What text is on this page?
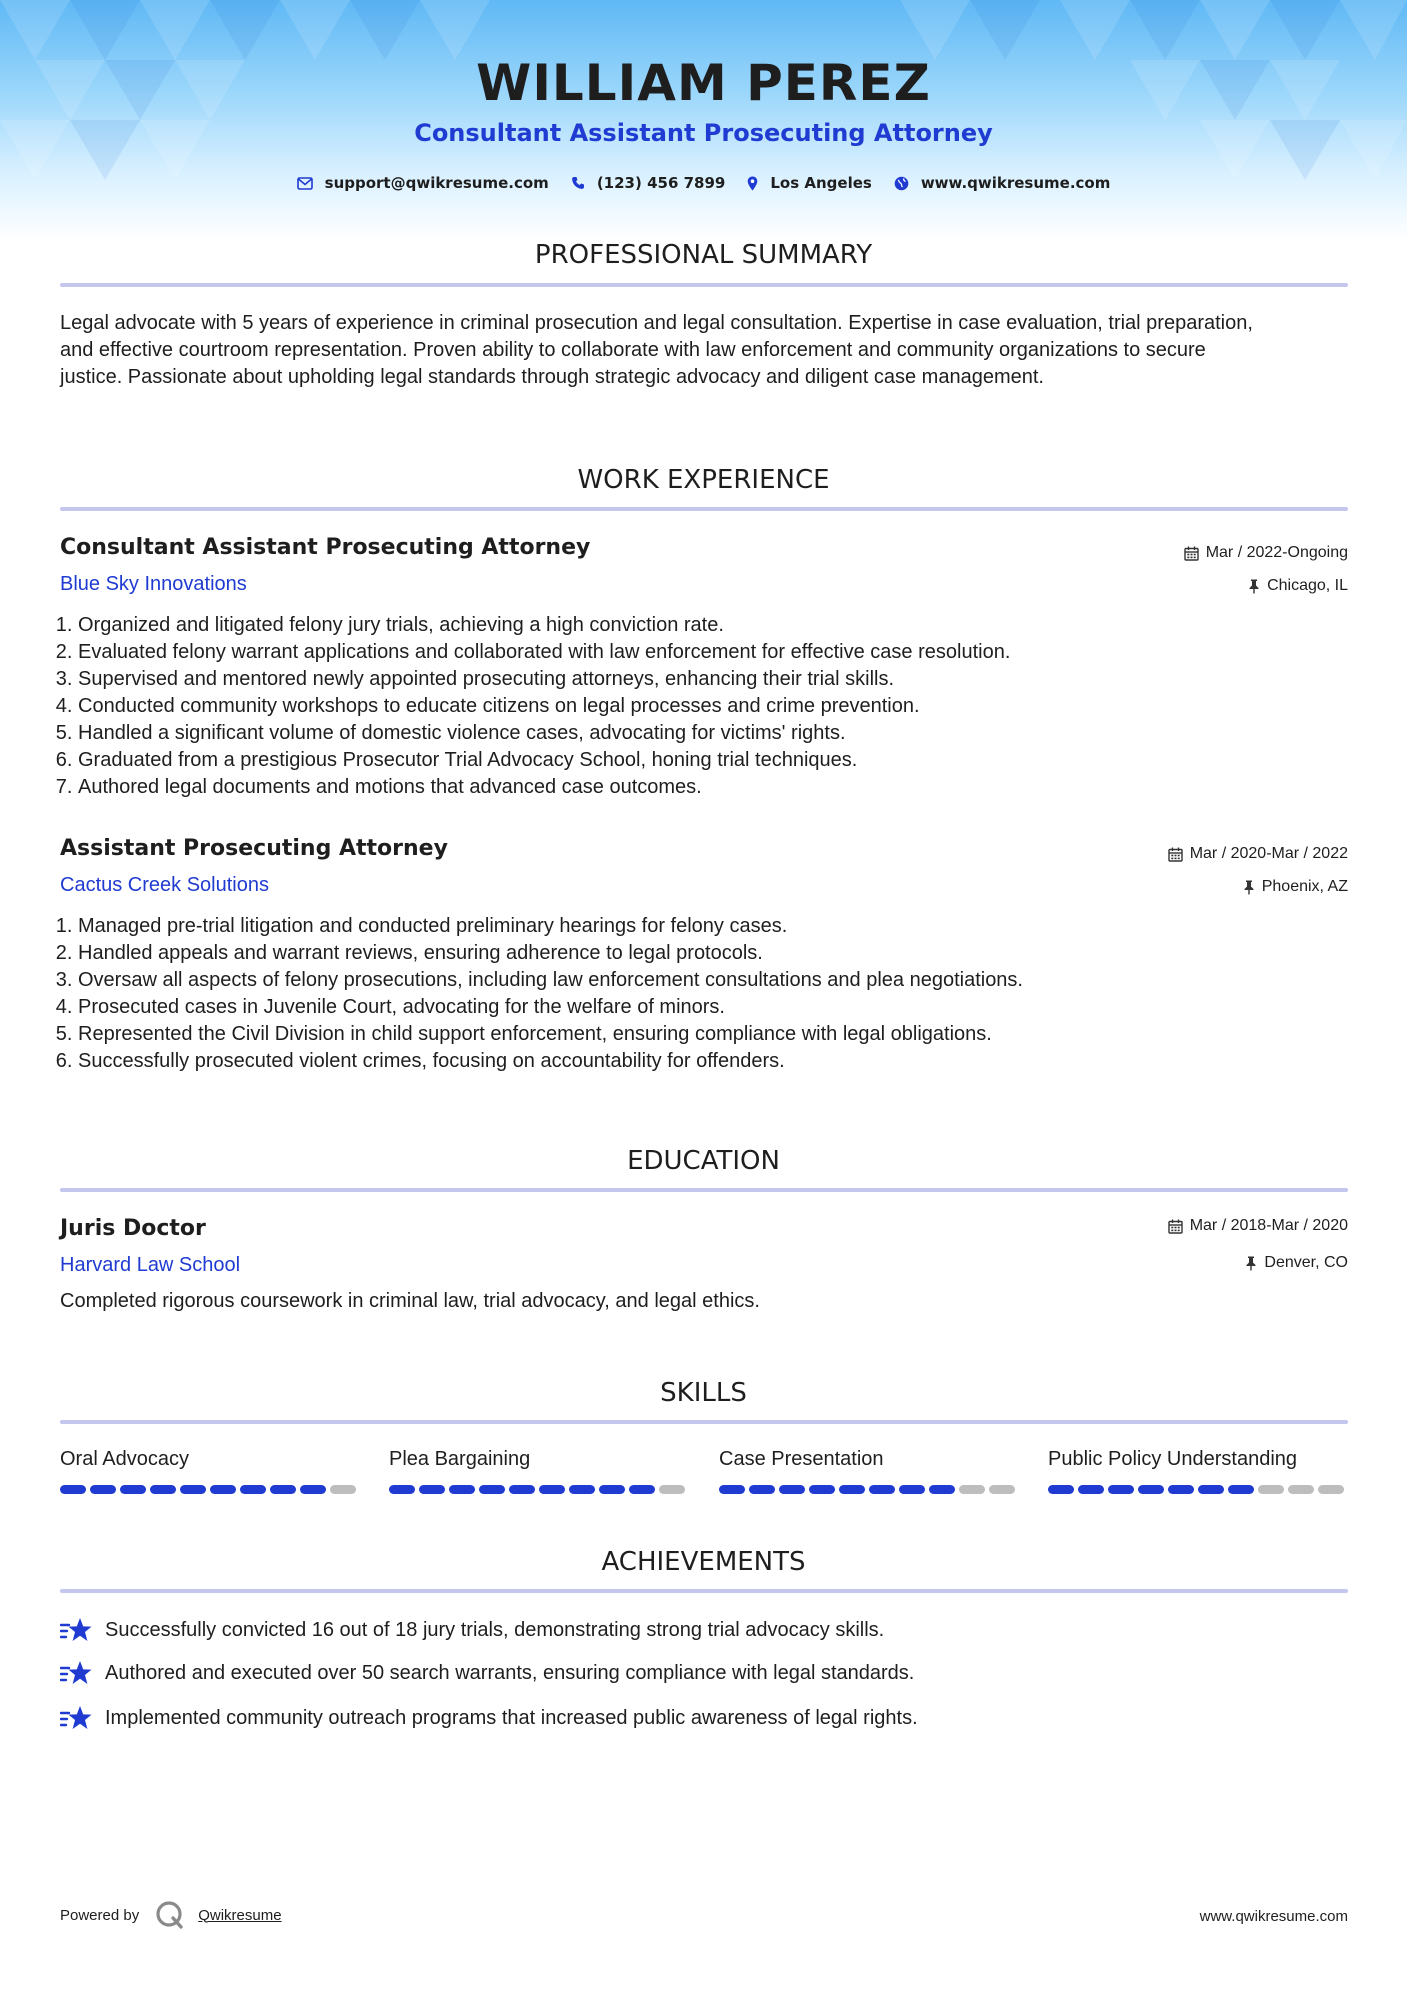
WILLIAM PEREZ
Consultant Assistant Prosecuting Attorney
support@qwikresume.com	(123) 456 7899	Los Angeles	www.qwikresume.com
PROFESSIONAL SUMMARY
Legal advocate with 5 years of experience in criminal prosecution and legal consultation. Expertise in case evaluation, trial preparation, and effective courtroom representation. Proven ability to collaborate with law enforcement and community organizations to secure justice. Passionate about upholding legal standards through strategic advocacy and diligent case management.
WORK EXPERIENCE
Consultant Assistant Prosecuting Attorney
Blue Sky Innovations
Mar / 2022-Ongoing
Chicago, IL
1. Organized and litigated felony jury trials, achieving a high conviction rate.
2. Evaluated felony warrant applications and collaborated with law enforcement for effective case resolution.
3. Supervised and mentored newly appointed prosecuting attorneys, enhancing their trial skills.
4. Conducted community workshops to educate citizens on legal processes and crime prevention.
5. Handled a significant volume of domestic violence cases, advocating for victims' rights.
6. Graduated from a prestigious Prosecutor Trial Advocacy School, honing trial techniques.
7. Authored legal documents and motions that advanced case outcomes.
Assistant Prosecuting Attorney
Cactus Creek Solutions
Mar / 2020-Mar / 2022
Phoenix, AZ
1. Managed pre-trial litigation and conducted preliminary hearings for felony cases.
2. Handled appeals and warrant reviews, ensuring adherence to legal protocols.
3. Oversaw all aspects of felony prosecutions, including law enforcement consultations and plea negotiations.
4. Prosecuted cases in Juvenile Court, advocating for the welfare of minors.
5. Represented the Civil Division in child support enforcement, ensuring compliance with legal obligations.
6. Successfully prosecuted violent crimes, focusing on accountability for offenders.
EDUCATION
Juris Doctor
Harvard Law School
Mar / 2018-Mar / 2020
Denver, CO
Completed rigorous coursework in criminal law, trial advocacy, and legal ethics.
SKILLS
Oral Advocacy	Plea Bargaining	Case Presentation	Public Policy Understanding
ACHIEVEMENTS
Successfully convicted 16 out of 18 jury trials, demonstrating strong trial advocacy skills.
Authored and executed over 50 search warrants, ensuring compliance with legal standards.
Implemented community outreach programs that increased public awareness of legal rights.
Powered by	Qwikresume	www.qwikresume.com
